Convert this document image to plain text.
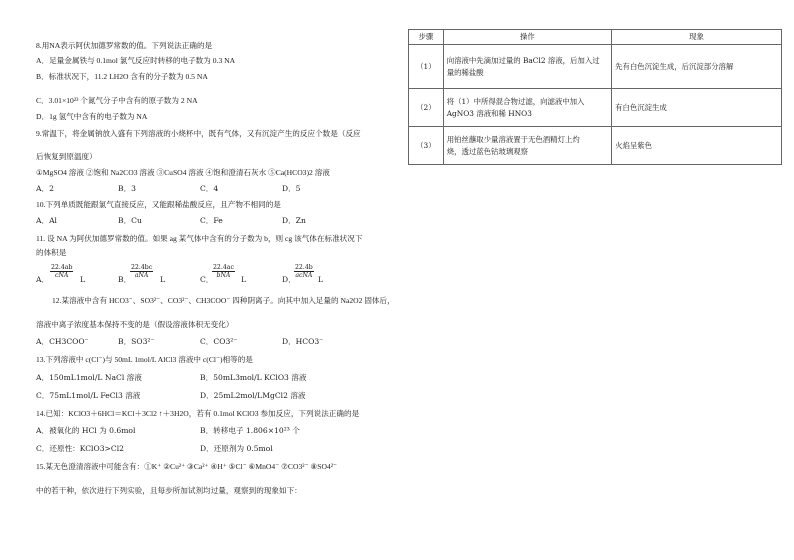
8.用NA表示阿伏加德罗常数的值。下列说法正确的是
A．足量金属铁与 0.1mol 氯气反应时转移的电子数为 0.3 NA
B．标准状况下，11.2 LH2O 含有的分子数为 0.5 NA
C．3.01×10²³ 个氮气分子中含有的原子数为 2 NA
D．1g 氢气中含有的电子数为 NA
9.常温下，将金属钠放入盛有下列溶液的小烧杯中，既有气体，又有沉淀产生的反应个数是（反应
后恢复到原温度）
①MgSO4 溶液 ②饱和 Na2CO3 溶液 ③CuSO4 溶液 ④饱和澄清石灰水 ⑤Ca(HCO3)2 溶液
A．2	B．3	C．4	D．5
10.下列单质既能跟氯气直接反应，又能跟稀盐酸反应，且产物不相同的是
A．Al	B．Cu	C．Fe	D．Zn
11. 设 NA 为阿伏加德罗常数的值。如果 ag 某气体中含有的分子数为 b，则 cg 该气体在标准状况下
的体积是
A．
22.4ab
cNA	L	B．
22.4bc
aNA	L	C．
22.4ac
bNA	L	D．
22.4b
acNA L
12.某溶液中含有 HCO3⁻、SO3²⁻、CO3²⁻、CH3COO⁻ 四种阴离子。向其中加入足量的 Na2O2 固体后，
溶液中离子浓度基本保持不变的是（假设溶液体积无变化）
A．CH3COO⁻	B．SO3²⁻	C．CO3²⁻	D．HCO3⁻
13.下列溶液中 c(Cl⁻)与 50mL 1mol/L AlCl3 溶液中 c(Cl⁻)相等的是
A．150mL1mol/L NaCl 溶液	B．50mL3mol/L KClO3 溶液
C．75mL1mol/L FeCl3 溶液	D．25mL2mol/LMgCl2 溶液
14.已知：KClO3＋6HCl＝KCl＋3Cl2 ↑＋3H2O，若有 0.1mol KClO3 参加反应，下列说法正确的是
A．被氧化的 HCl 为 0.6mol	B．转移电子 1.806×10²³ 个
C．还原性：KClO3>Cl2	D．还原剂为 0.5mol
15.某无色澄清溶液中可能含有：①K⁺ ②Cu²⁺ ③Ca²⁺ ④H⁺ ⑤Cl⁻ ⑥MnO4⁻ ⑦CO3²⁻ ⑧SO4²⁻
中的若干种，依次进行下列实验，且每步所加试剂均过量，观察到的现象如下：
步骤	操作	现象
（1）	向溶液中先滴加过量的 BaCl2 溶液，后加入过
量的稀盐酸	先有白色沉淀生成，后沉淀部分溶解
（2）	将（1）中所得混合物过滤，向滤液中加入
AgNO3 溶液和稀 HNO3	有白色沉淀生成
（3）	用铂丝蘸取少量溶液置于无色酒精灯上灼
烧，透过蓝色钴玻璃观察	火焰呈紫色
